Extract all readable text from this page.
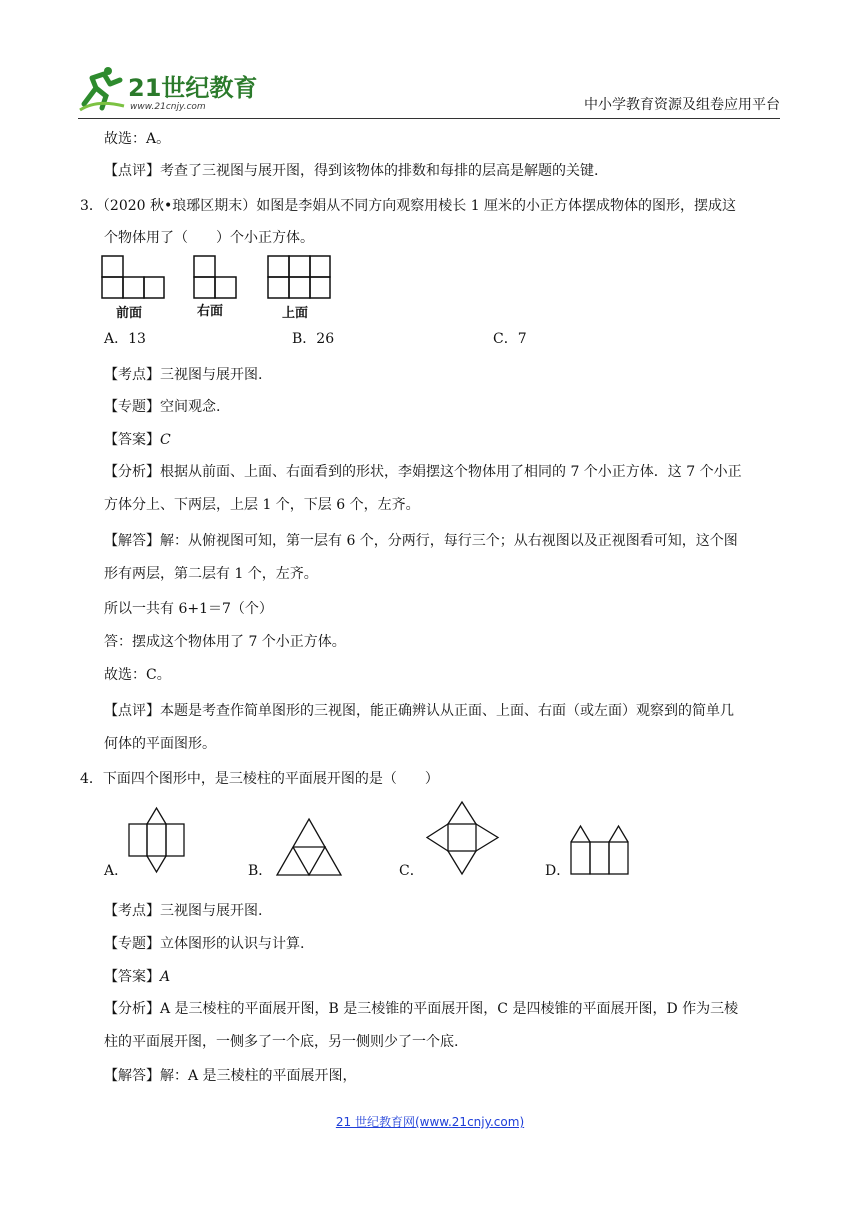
21世纪教育
www.21cnjy.com	中小学教育资源及组卷应用平台
故选：A。
【点评】考查了三视图与展开图，得到该物体的排数和每排的层高是解题的关键.
3．（2020 秋•琅琊区期末）如图是李娟从不同方向观察用棱长 1 厘米的小正方体摆成物体的图形，摆成这
个物体用了（　　）个小正方体。
前面	右面	上面
A．13	B．26	C．7
【考点】三视图与展开图.
【专题】空间观念.
【答案】C
【分析】根据从前面、上面、右面看到的形状，李娟摆这个物体用了相同的 7 个小正方体．这 7 个小正
方体分上、下两层，上层 1 个，下层 6 个，左齐。
【解答】解：从俯视图可知，第一层有 6 个，分两行，每行三个；从右视图以及正视图看可知，这个图
形有两层，第二层有 1 个，左齐。
所以一共有 6+1＝7（个）
答：摆成这个物体用了 7 个小正方体。
故选：C。
【点评】本题是考查作简单图形的三视图，能正确辨认从正面、上面、右面（或左面）观察到的简单几
何体的平面图形。
4．下面四个图形中，是三棱柱的平面展开图的是（　　）
A．	B．	C．	D．
【考点】三视图与展开图.
【专题】立体图形的认识与计算.
【答案】A
【分析】A 是三棱柱的平面展开图，B 是三棱锥的平面展开图，C 是四棱锥的平面展开图，D 作为三棱
柱的平面展开图，一侧多了一个底，另一侧则少了一个底.
【解答】解：A 是三棱柱的平面展开图，
21 世纪教育网(www.21cnjy.com)
